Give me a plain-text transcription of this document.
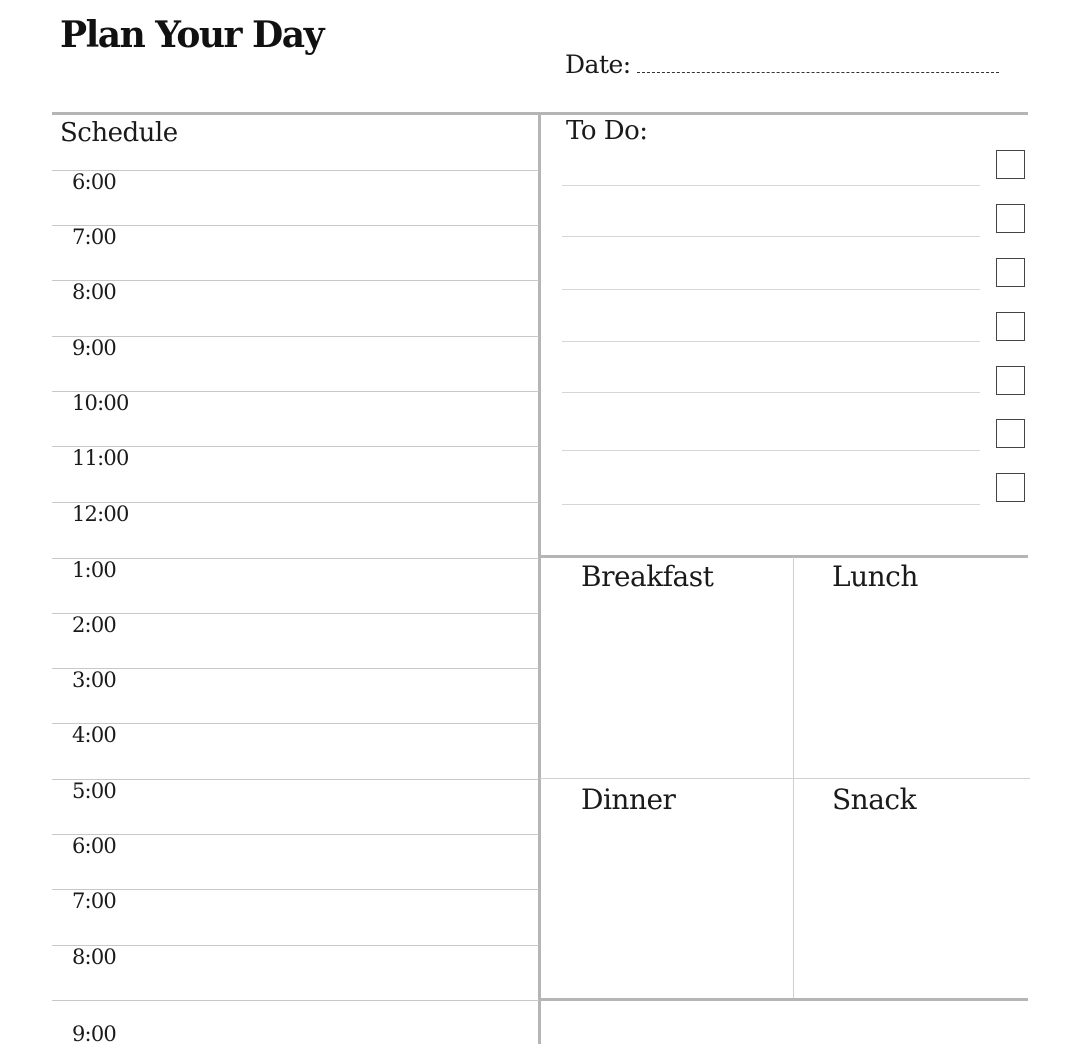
Plan Your Day
Date:
Schedule
6:00
7:00
8:00
9:00
10:00
11:00
12:00
1:00
2:00
3:00
4:00
5:00
6:00
7:00
8:00
9:00
To Do:
Breakfast	Lunch
Dinner	Snack
